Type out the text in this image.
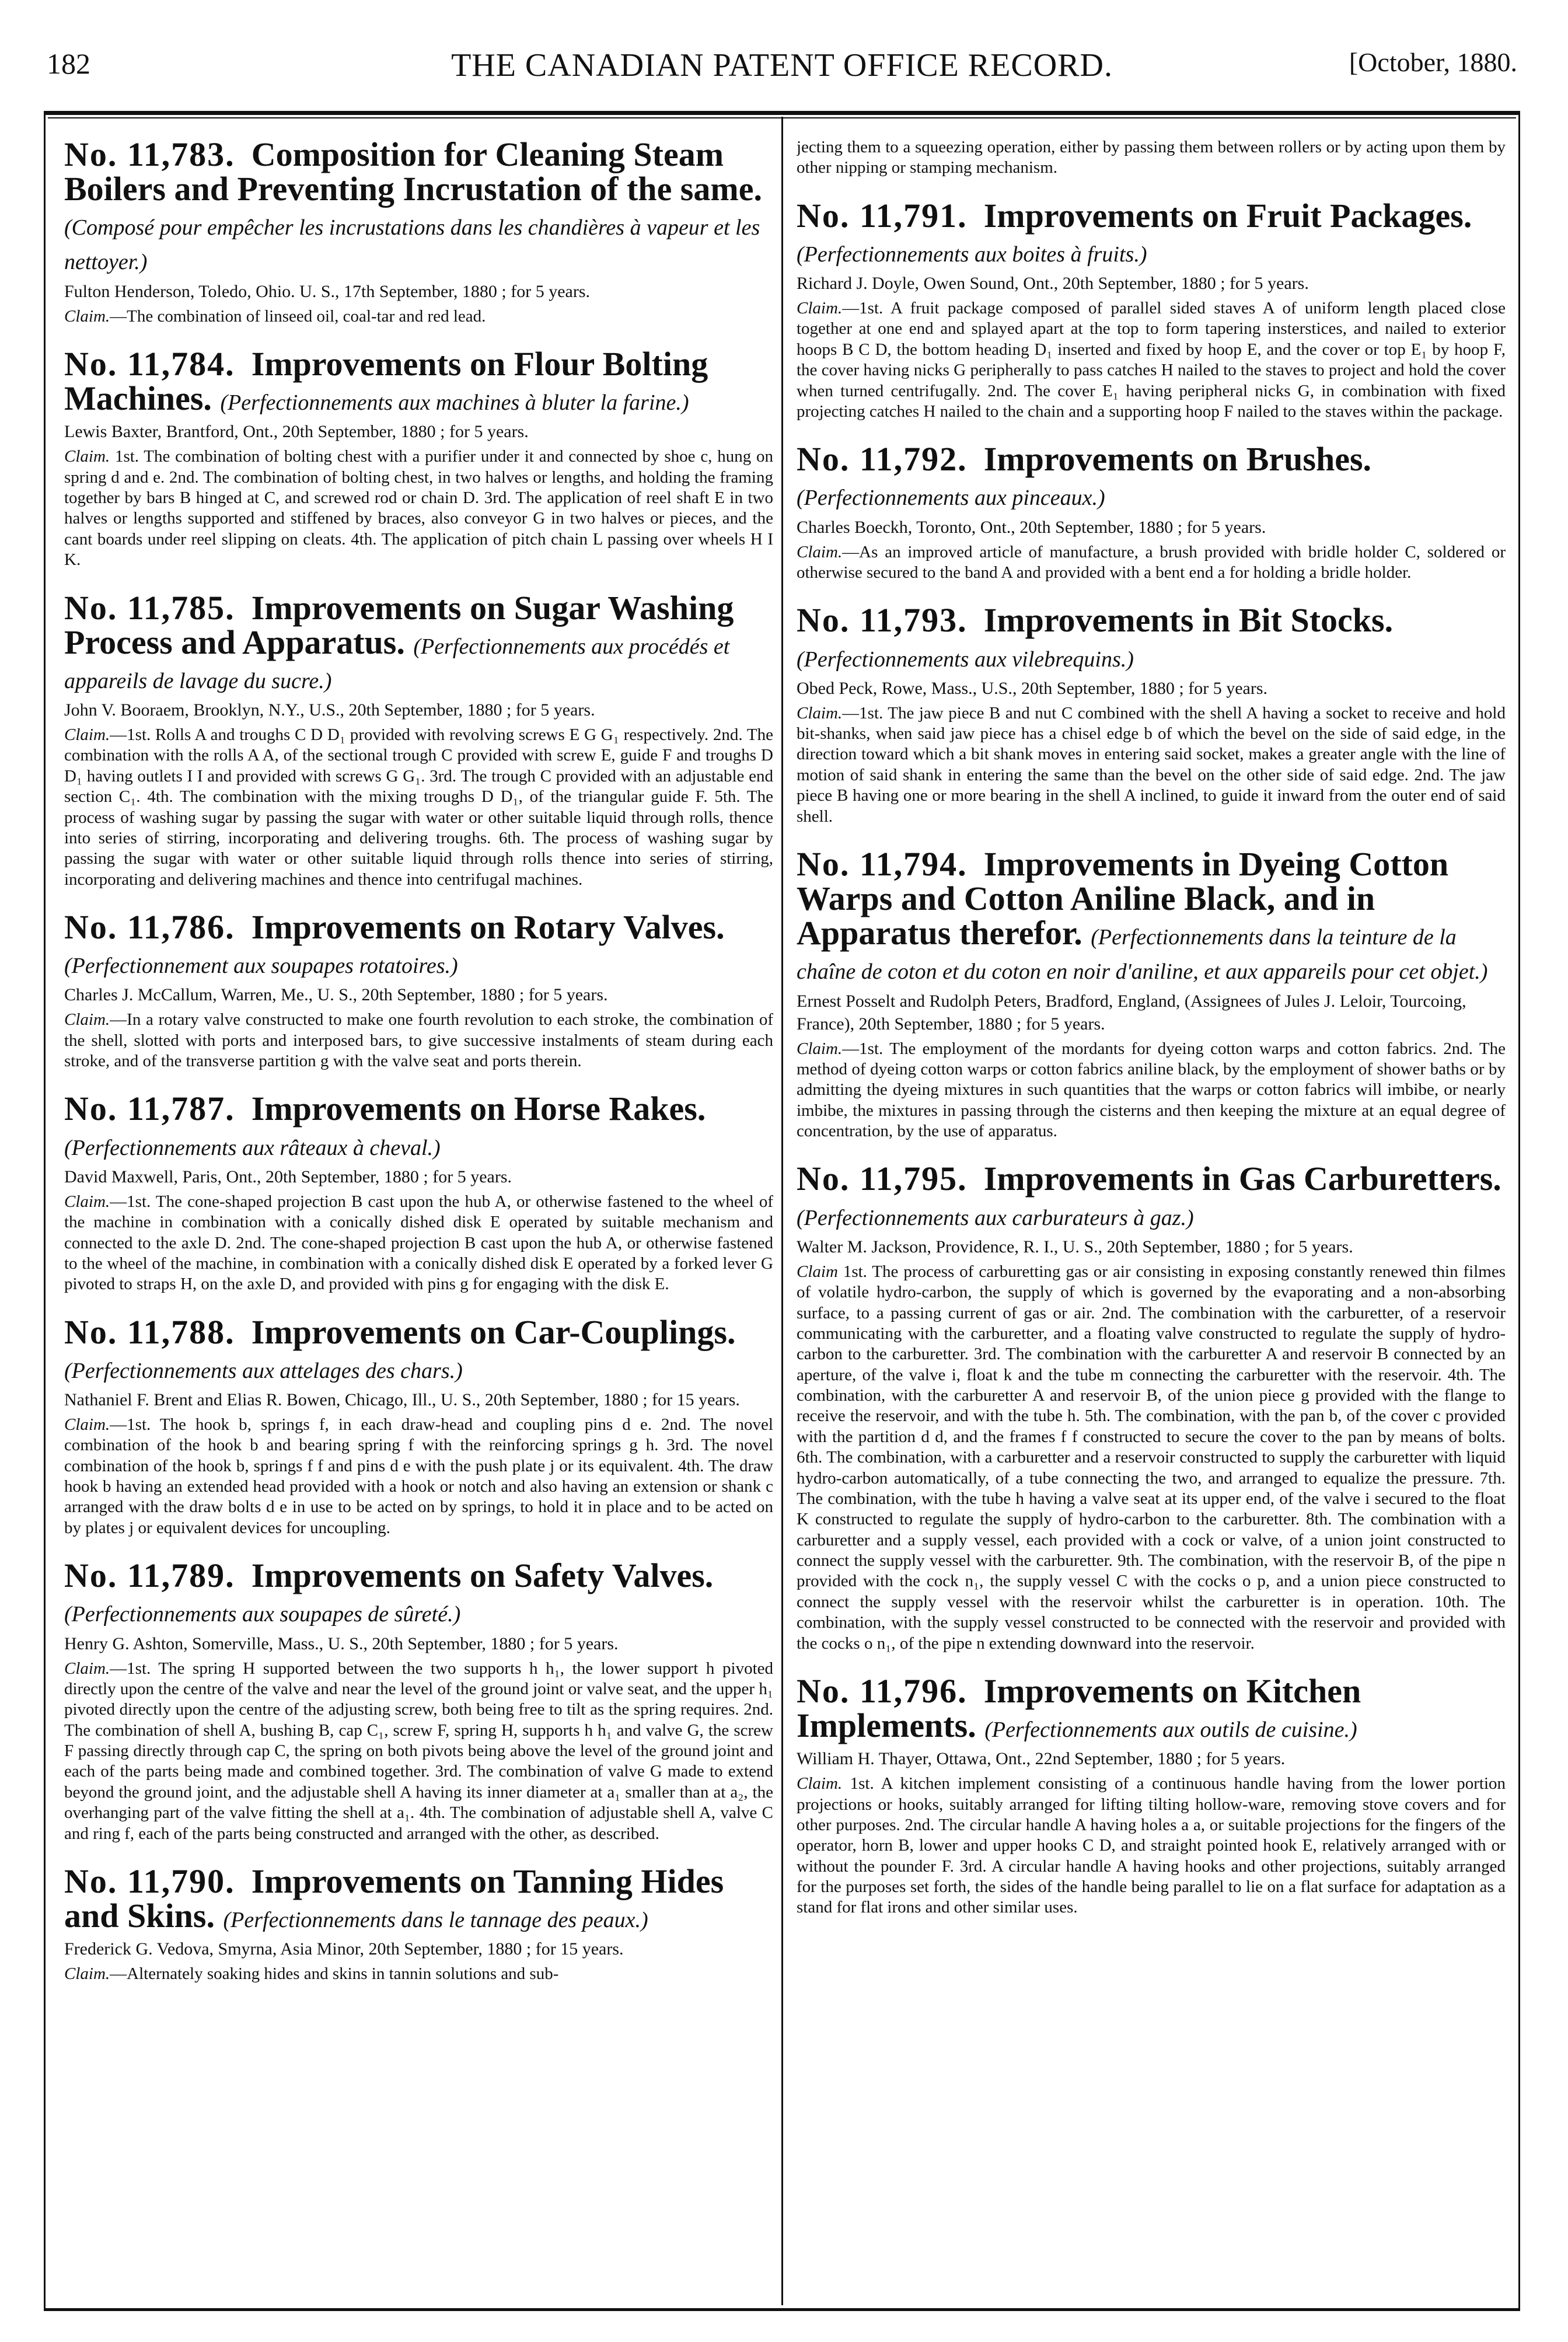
182	THE CANADIAN PATENT OFFICE RECORD.	[October, 1880.
No. 11,783. Composition for Cleaning Steam Boilers and Preventing Incrustation of the same. (Composé pour empêcher les incrustations dans les chandières à vapeur et les nettoyer.)
Fulton Henderson, Toledo, Ohio. U. S., 17th September, 1880 ; for 5 years.

Claim.—The combination of linseed oil, coal-tar and red lead.

No. 11,784. Improvements on Flour Bolting Machines. (Perfectionnements aux machines à bluter la farine.)
Lewis Baxter, Brantford, Ont., 20th September, 1880 ; for 5 years.

Claim. 1st. The combination of bolting chest with a purifier under it and connected by shoe c, hung on spring d and e. 2nd. The combination of bolting chest, in two halves or lengths, and holding the framing together by bars B hinged at C, and screwed rod or chain D. 3rd. The application of reel shaft E in two halves or lengths supported and stiffened by braces, also conveyor G in two halves or pieces, and the cant boards under reel slipping on cleats. 4th. The application of pitch chain L passing over wheels H I K.

No. 11,785. Improvements on Sugar Washing Process and Apparatus. (Perfectionnements aux procédés et appareils de lavage du sucre.)
John V. Booraem, Brooklyn, N.Y., U.S., 20th September, 1880 ; for 5 years.

Claim.—1st. Rolls A and troughs C D D₁ provided with revolving screws E G G₁ respectively. 2nd. The combination with the rolls A A, of the sectional trough C provided with screw E, guide F and troughs D D₁ having outlets I I and provided with screws G G₁. 3rd. The trough C provided with an adjustable end section C₁. 4th. The combination with the mixing troughs D D₁, of the triangular guide F. 5th. The process of washing sugar by passing the sugar with water or other suitable liquid through rolls, thence into series of stirring, incorporating and delivering troughs. 6th. The process of washing sugar by passing the sugar with water or other suitable liquid through rolls thence into series of stirring, incorporating and delivering machines and thence into centrifugal machines.

No. 11,786. Improvements on Rotary Valves. (Perfectionnement aux soupapes rotatoires.)
Charles J. McCallum, Warren, Me., U. S., 20th September, 1880 ; for 5 years.

Claim.—In a rotary valve constructed to make one fourth revolution to each stroke, the combination of the shell, slotted with ports and interposed bars, to give successive instalments of steam during each stroke, and of the transverse partition g with the valve seat and ports therein.

No. 11,787. Improvements on Horse Rakes. (Perfectionnements aux râteaux à cheval.)
David Maxwell, Paris, Ont., 20th September, 1880 ; for 5 years.

Claim.—1st. The cone-shaped projection B cast upon the hub A, or otherwise fastened to the wheel of the machine in combination with a conically dished disk E operated by suitable mechanism and connected to the axle D. 2nd. The cone-shaped projection B cast upon the hub A, or otherwise fastened to the wheel of the machine, in combination with a conically dished disk E operated by a forked lever G pivoted to straps H, on the axle D, and provided with pins g for engaging with the disk E.

No. 11,788. Improvements on Car-Couplings. (Perfectionnements aux attelages des chars.)
Nathaniel F. Brent and Elias R. Bowen, Chicago, Ill., U. S., 20th September, 1880 ; for 15 years.

Claim.—1st. The hook b, springs f, in each draw-head and coupling pins d e. 2nd. The novel combination of the hook b and bearing spring f with the reinforcing springs g h. 3rd. The novel combination of the hook b, springs f f and pins d e with the push plate j or its equivalent. 4th. The draw hook b having an extended head provided with a hook or notch and also having an extension or shank c arranged with the draw bolts d e in use to be acted on by springs, to hold it in place and to be acted on by plates j or equivalent devices for uncoupling.

No. 11,789. Improvements on Safety Valves. (Perfectionnements aux soupapes de sûreté.)
Henry G. Ashton, Somerville, Mass., U. S., 20th September, 1880 ; for 5 years.

Claim.—1st. The spring H supported between the two supports h h₁, the lower support h pivoted directly upon the centre of the valve and near the level of the ground joint or valve seat, and the upper h₁ pivoted directly upon the centre of the adjusting screw, both being free to tilt as the spring requires. 2nd. The combination of shell A, bushing B, cap C₁, screw F, spring H, supports h h₁ and valve G, the screw F passing directly through cap C, the spring on both pivots being above the level of the ground joint and each of the parts being made and combined together. 3rd. The combination of valve G made to extend beyond the ground joint, and the adjustable shell A having its inner diameter at a₁ smaller than at a₂, the overhanging part of the valve fitting the shell at a₁. 4th. The combination of adjustable shell A, valve C and ring f, each of the parts being constructed and arranged with the other, as described.

No. 11,790. Improvements on Tanning Hides and Skins. (Perfectionnements dans le tannage des peaux.)
Frederick G. Vedova, Smyrna, Asia Minor, 20th September, 1880 ; for 15 years.

Claim.—Alternately soaking hides and skins in tannin solutions and sub-

jecting them to a squeezing operation, either by passing them between rollers or by acting upon them by other nipping or stamping mechanism.

No. 11,791. Improvements on Fruit Packages. (Perfectionnements aux boites à fruits.)
Richard J. Doyle, Owen Sound, Ont., 20th September, 1880 ; for 5 years.

Claim.—1st. A fruit package composed of parallel sided staves A of uniform length placed close together at one end and splayed apart at the top to form tapering insterstices, and nailed to exterior hoops B C D, the bottom heading D₁ inserted and fixed by hoop E, and the cover or top E₁ by hoop F, the cover having nicks G peripherally to pass catches H nailed to the staves to project and hold the cover when turned centrifugally. 2nd. The cover E₁ having peripheral nicks G, in combination with fixed projecting catches H nailed to the chain and a supporting hoop F nailed to the staves within the package.

No. 11,792. Improvements on Brushes. (Perfectionnements aux pinceaux.)
Charles Boeckh, Toronto, Ont., 20th September, 1880 ; for 5 years.

Claim.—As an improved article of manufacture, a brush provided with bridle holder C, soldered or otherwise secured to the band A and provided with a bent end a for holding a bridle holder.

No. 11,793. Improvements in Bit Stocks. (Perfectionnements aux vilebrequins.)
Obed Peck, Rowe, Mass., U.S., 20th September, 1880 ; for 5 years.

Claim.—1st. The jaw piece B and nut C combined with the shell A having a socket to receive and hold bit-shanks, when said jaw piece has a chisel edge b of which the bevel on the side of said edge, in the direction toward which a bit shank moves in entering said socket, makes a greater angle with the line of motion of said shank in entering the same than the bevel on the other side of said edge. 2nd. The jaw piece B having one or more bearing in the shell A inclined, to guide it inward from the outer end of said shell.

No. 11,794. Improvements in Dyeing Cotton Warps and Cotton Aniline Black, and in Apparatus therefor. (Perfectionnements dans la teinture de la chaîne de coton et du coton en noir d'aniline, et aux appareils pour cet objet.)
Ernest Posselt and Rudolph Peters, Bradford, England, (Assignees of Jules J. Leloir, Tourcoing, France), 20th September, 1880 ; for 5 years.

Claim.—1st. The employment of the mordants for dyeing cotton warps and cotton fabrics. 2nd. The method of dyeing cotton warps or cotton fabrics aniline black, by the employment of shower baths or by admitting the dyeing mixtures in such quantities that the warps or cotton fabrics will imbibe, or nearly imbibe, the mixtures in passing through the cisterns and then keeping the mixture at an equal degree of concentration, by the use of apparatus.

No. 11,795. Improvements in Gas Carburetters. (Perfectionnements aux carburateurs à gaz.)
Walter M. Jackson, Providence, R. I., U. S., 20th September, 1880 ; for 5 years.

Claim 1st. The process of carburetting gas or air consisting in exposing constantly renewed thin filmes of volatile hydro-carbon, the supply of which is governed by the evaporating and a non-absorbing surface, to a passing current of gas or air. 2nd. The combination with the carburetter, of a reservoir communicating with the carburetter, and a floating valve constructed to regulate the supply of hydro-carbon to the carburetter. 3rd. The combination with the carburetter A and reservoir B connected by an aperture, of the valve i, float k and the tube m connecting the carburetter with the reservoir. 4th. The combination, with the carburetter A and reservoir B, of the union piece g provided with the flange to receive the reservoir, and with the tube h. 5th. The combination, with the pan b, of the cover c provided with the partition d d, and the frames f f constructed to secure the cover to the pan by means of bolts. 6th. The combination, with a carburetter and a reservoir constructed to supply the carburetter with liquid hydro-carbon automatically, of a tube connecting the two, and arranged to equalize the pressure. 7th. The combination, with the tube h having a valve seat at its upper end, of the valve i secured to the float K constructed to regulate the supply of hydro-carbon to the carburetter. 8th. The combination with a carburetter and a supply vessel, each provided with a cock or valve, of a union joint constructed to connect the supply vessel with the carburetter. 9th. The combination, with the reservoir B, of the pipe n provided with the cock n₁, the supply vessel C with the cocks o p, and a union piece constructed to connect the supply vessel with the reservoir whilst the carburetter is in operation. 10th. The combination, with the supply vessel constructed to be connected with the reservoir and provided with the cocks o n₁, of the pipe n extending downward into the reservoir.

No. 11,796. Improvements on Kitchen Implements. (Perfectionnements aux outils de cuisine.)
William H. Thayer, Ottawa, Ont., 22nd September, 1880 ; for 5 years.

Claim. 1st. A kitchen implement consisting of a continuous handle having from the lower portion projections or hooks, suitably arranged for lifting tilting hollow-ware, removing stove covers and for other purposes. 2nd. The circular handle A having holes a a, or suitable projections for the fingers of the operator, horn B, lower and upper hooks C D, and straight pointed hook E, relatively arranged with or without the pounder F. 3rd. A circular handle A having hooks and other projections, suitably arranged for the purposes set forth, the sides of the handle being parallel to lie on a flat surface for adaptation as a stand for flat irons and other similar uses.
